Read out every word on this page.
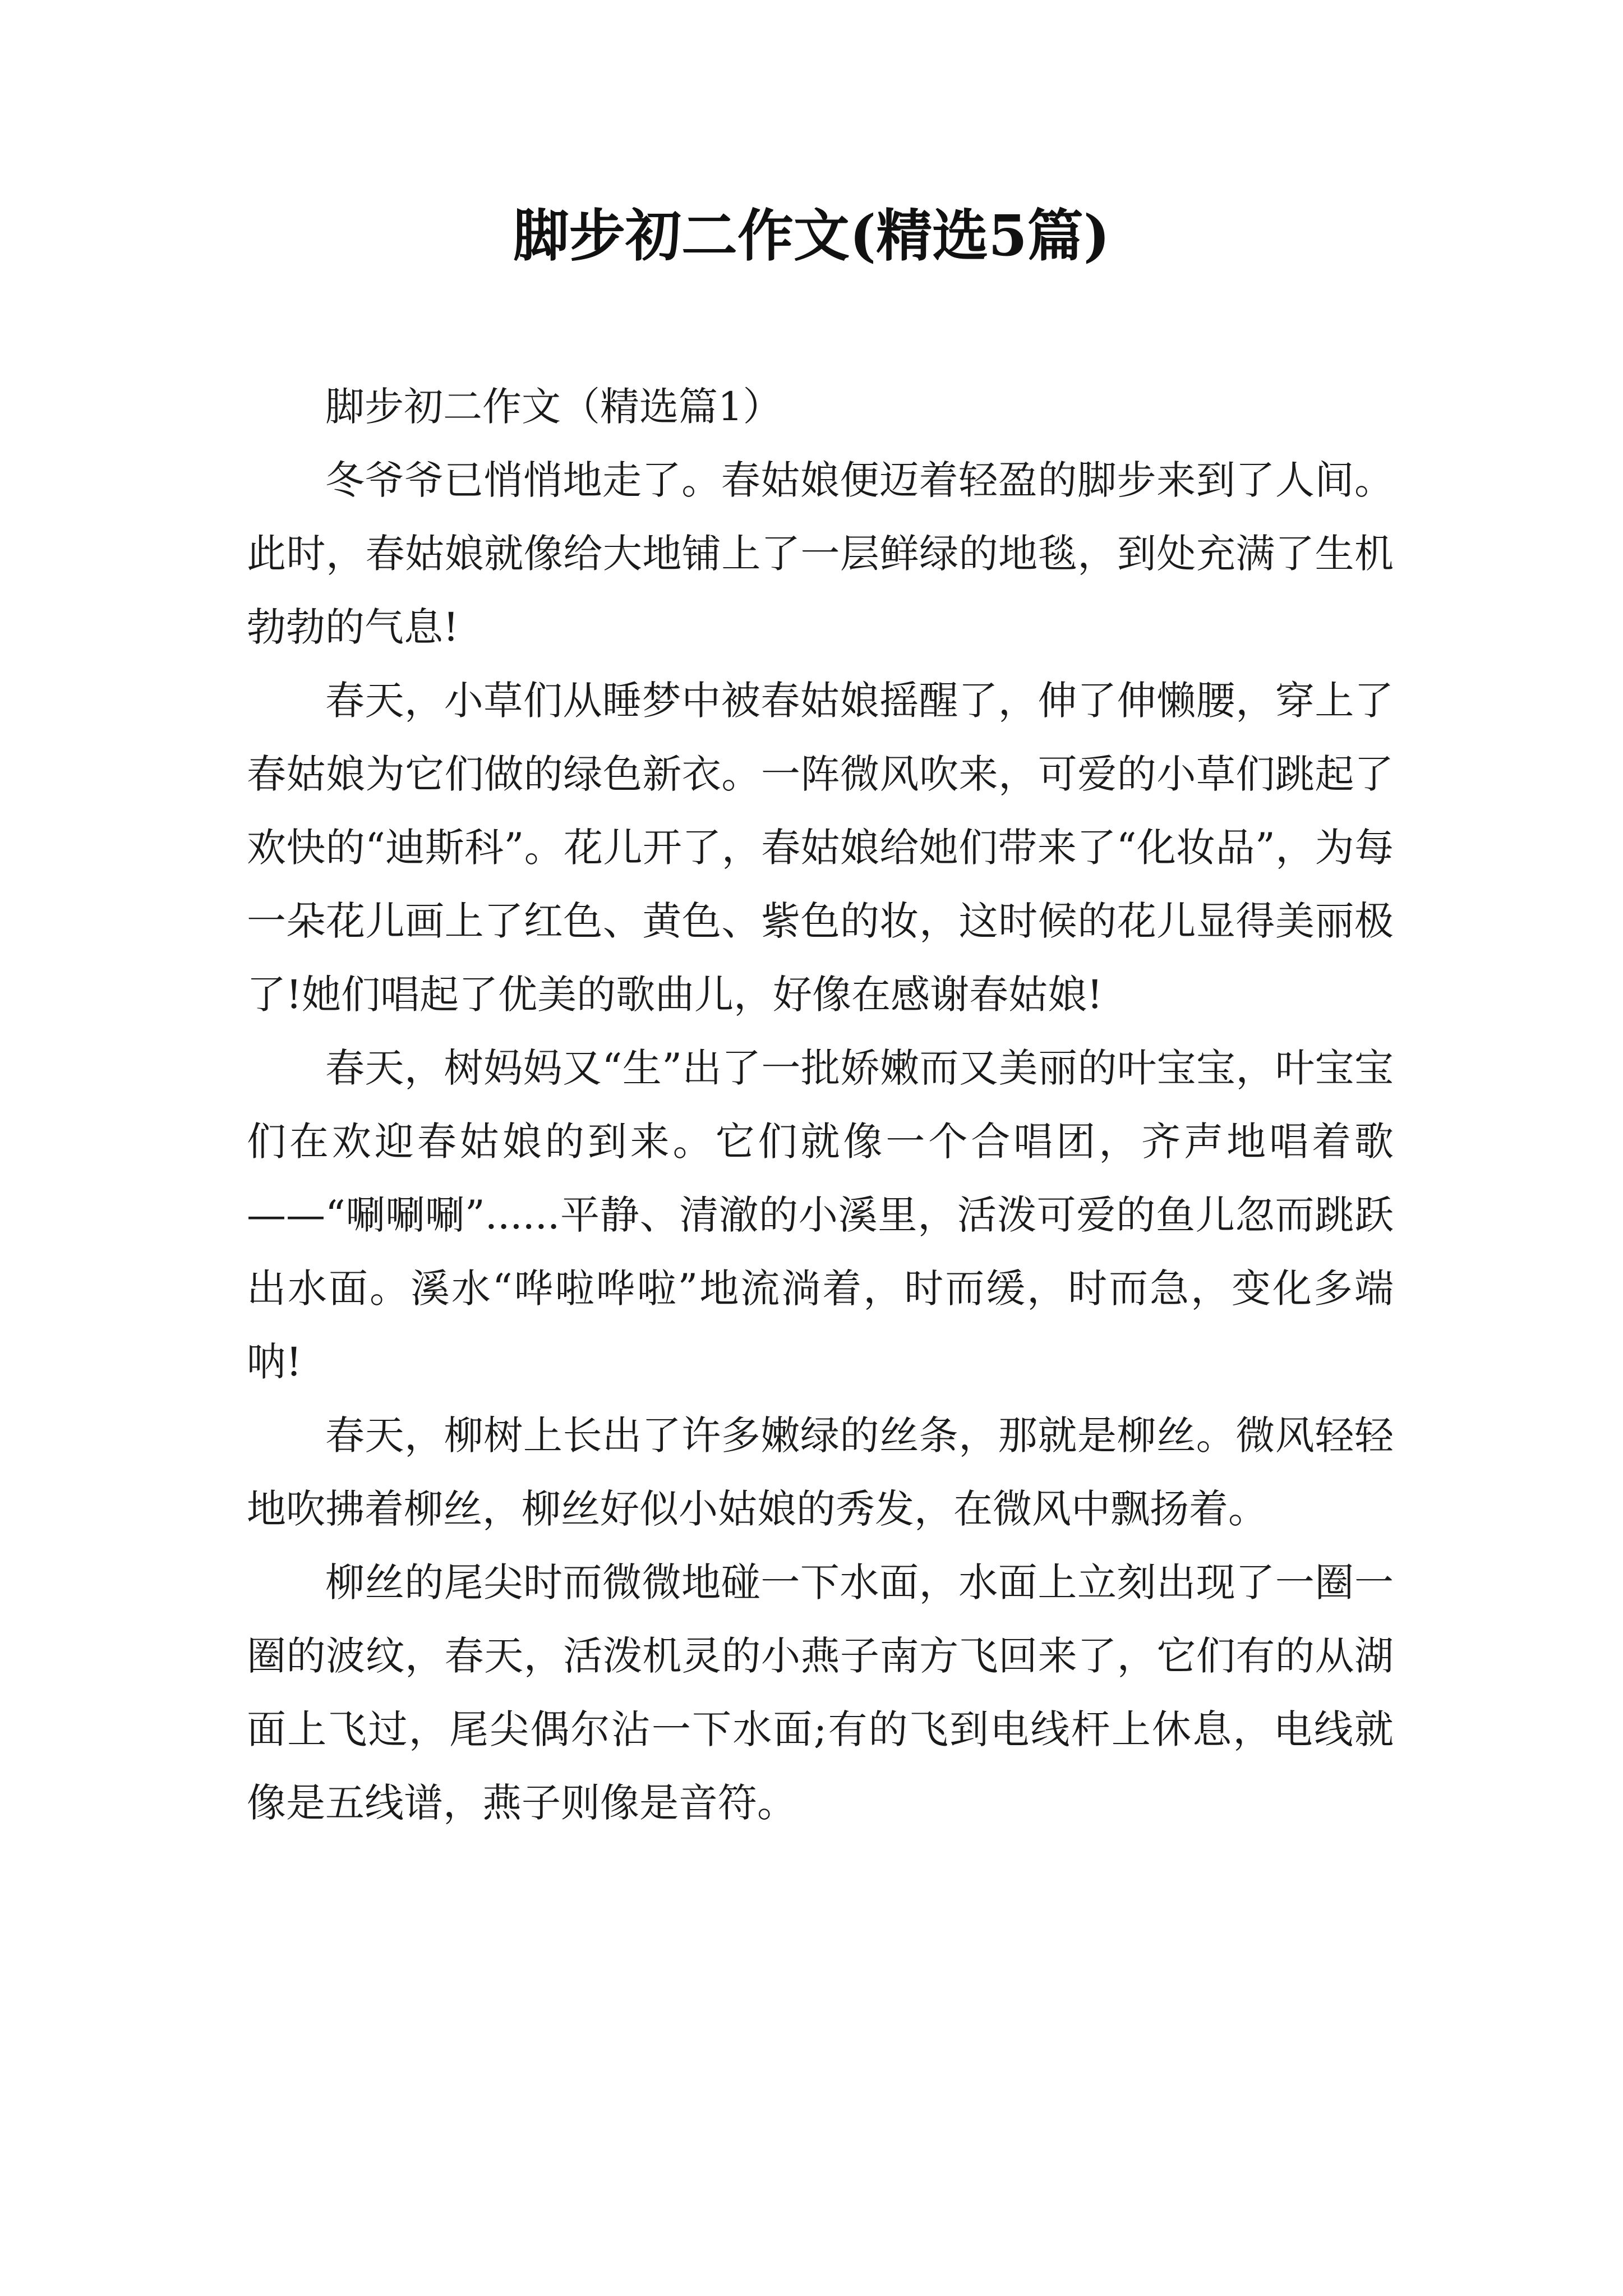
脚步初二作文(精选5篇)

脚步初二作文（精选篇1）

冬爷爷已悄悄地走了。春姑娘便迈着轻盈的脚步来到了人间。此时，春姑娘就像给大地铺上了一层鲜绿的地毯，到处充满了生机勃勃的气息!

春天，小草们从睡梦中被春姑娘摇醒了，伸了伸懒腰，穿上了春姑娘为它们做的绿色新衣。一阵微风吹来，可爱的小草们跳起了欢快的“迪斯科”。花儿开了，春姑娘给她们带来了“化妆品”，为每一朵花儿画上了红色、黄色、紫色的妆，这时候的花儿显得美丽极了!她们唱起了优美的歌曲儿，好像在感谢春姑娘!

春天，树妈妈又“生”出了一批娇嫩而又美丽的叶宝宝，叶宝宝们在欢迎春姑娘的到来。它们就像一个合唱团，齐声地唱着歌——“唰唰唰”......平静、清澈的小溪里，活泼可爱的鱼儿忽而跳跃出水面。溪水“哗啦哗啦”地流淌着，时而缓，时而急，变化多端呐!

春天，柳树上长出了许多嫩绿的丝条，那就是柳丝。微风轻轻地吹拂着柳丝，柳丝好似小姑娘的秀发，在微风中飘扬着。

柳丝的尾尖时而微微地碰一下水面，水面上立刻出现了一圈一圈的波纹，春天，活泼机灵的小燕子南方飞回来了，它们有的从湖面上飞过，尾尖偶尔沾一下水面;有的飞到电线杆上休息，电线就像是五线谱，燕子则像是音符。
